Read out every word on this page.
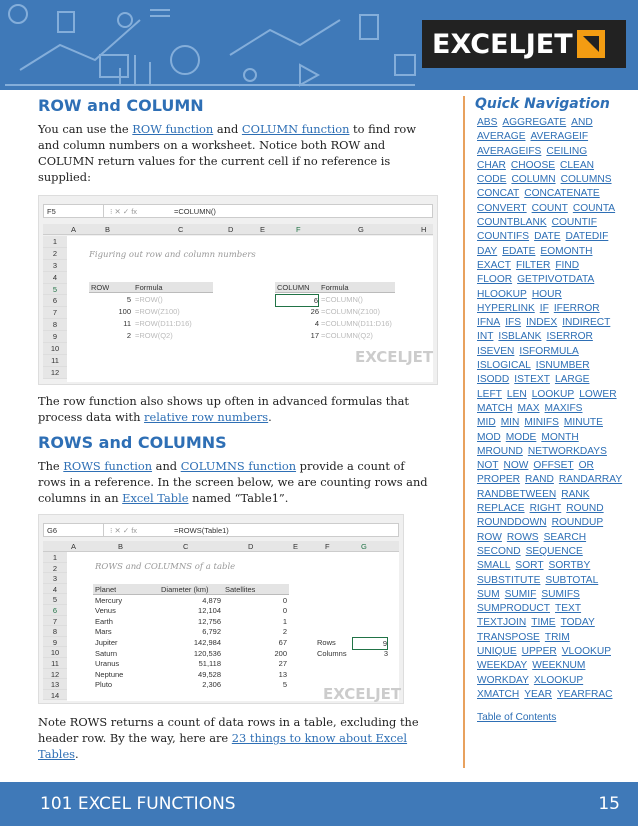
EXCELJET
ROW and COLUMN

You can use the ROW function and COLUMN function to find row and column numbers on a worksheet. Notice both ROW and COLUMN return values for the current cell if no reference is supplied:

F5	⁝ ✕ ✓ fx	=COLUMN()
A	B	C	D	E	F	G	H
1
2
3
4
5
6
7
8
9
10
11
12
Figuring out row and column numbers
ROW	Formula
5 =ROW()
100 =ROW(Z100)
11 =ROW(D11:D16)
2 =ROW(Q2)
COLUMN Formula
6 =COLUMN()
26 =COLUMN(Z100)
4 =COLUMN(D11:D16)
17 =COLUMN(Q2)
EXCELJET

The row function also shows up often in advanced formulas that process data with relative row numbers.

ROWS and COLUMNS

The ROWS function and COLUMNS function provide a count of rows in a reference. In the screen below, we are counting rows and columns in an Excel Table named “Table1”.

G6	⁝ ✕ ✓ fx	=ROWS(Table1)
A	B	C	D	E	F	G
1
2
3
4
5
6
7
8
9
10
11
12
13
14
ROWS and COLUMNS of a table
Planet	Diameter (km) Satellites
Mercury	4,879	0
Venus	12,104	0
Earth	12,756	1
Mars	6,792	2
Jupiter	142,984	67
Saturn	120,536	200
Uranus	51,118	27
Neptune	49,528	13
Pluto	2,306	5
Rows	9
Columns	3
EXCELJET

Note ROWS returns a count of data rows in a table, excluding the header row. By the way, here are 23 things to know about Excel Tables.

Quick Navigation
ABS AGGREGATE AND
AVERAGE AVERAGEIF
AVERAGEIFS CEILING
CHAR CHOOSE CLEAN
CODE COLUMN COLUMNS
CONCAT CONCATENATE
CONVERT COUNT COUNTA
COUNTBLANK COUNTIF
COUNTIFS DATE DATEDIF
DAY EDATE EOMONTH
EXACT FILTER FIND
FLOOR GETPIVOTDATA
HLOOKUP HOUR
HYPERLINK IF IFERROR
IFNA IFS INDEX INDIRECT
INT ISBLANK ISERROR
ISEVEN ISFORMULA
ISLOGICAL ISNUMBER
ISODD ISTEXT LARGE
LEFT LEN LOOKUP LOWER
MATCH MAX MAXIFS
MID MIN MINIFS MINUTE
MOD MODE MONTH
MROUND NETWORKDAYS
NOT NOW OFFSET OR
PROPER RAND RANDARRAY
RANDBETWEEN RANK
REPLACE RIGHT ROUND
ROUNDDOWN ROUNDUP
ROW ROWS SEARCH
SECOND SEQUENCE
SMALL SORT SORTBY
SUBSTITUTE SUBTOTAL
SUM SUMIF SUMIFS
SUMPRODUCT TEXT
TEXTJOIN TIME TODAY
TRANSPOSE TRIM
UNIQUE UPPER VLOOKUP
WEEKDAY WEEKNUM
WORKDAY XLOOKUP
XMATCH YEAR YEARFRAC
Table of Contents
101 EXCEL FUNCTIONS	15
